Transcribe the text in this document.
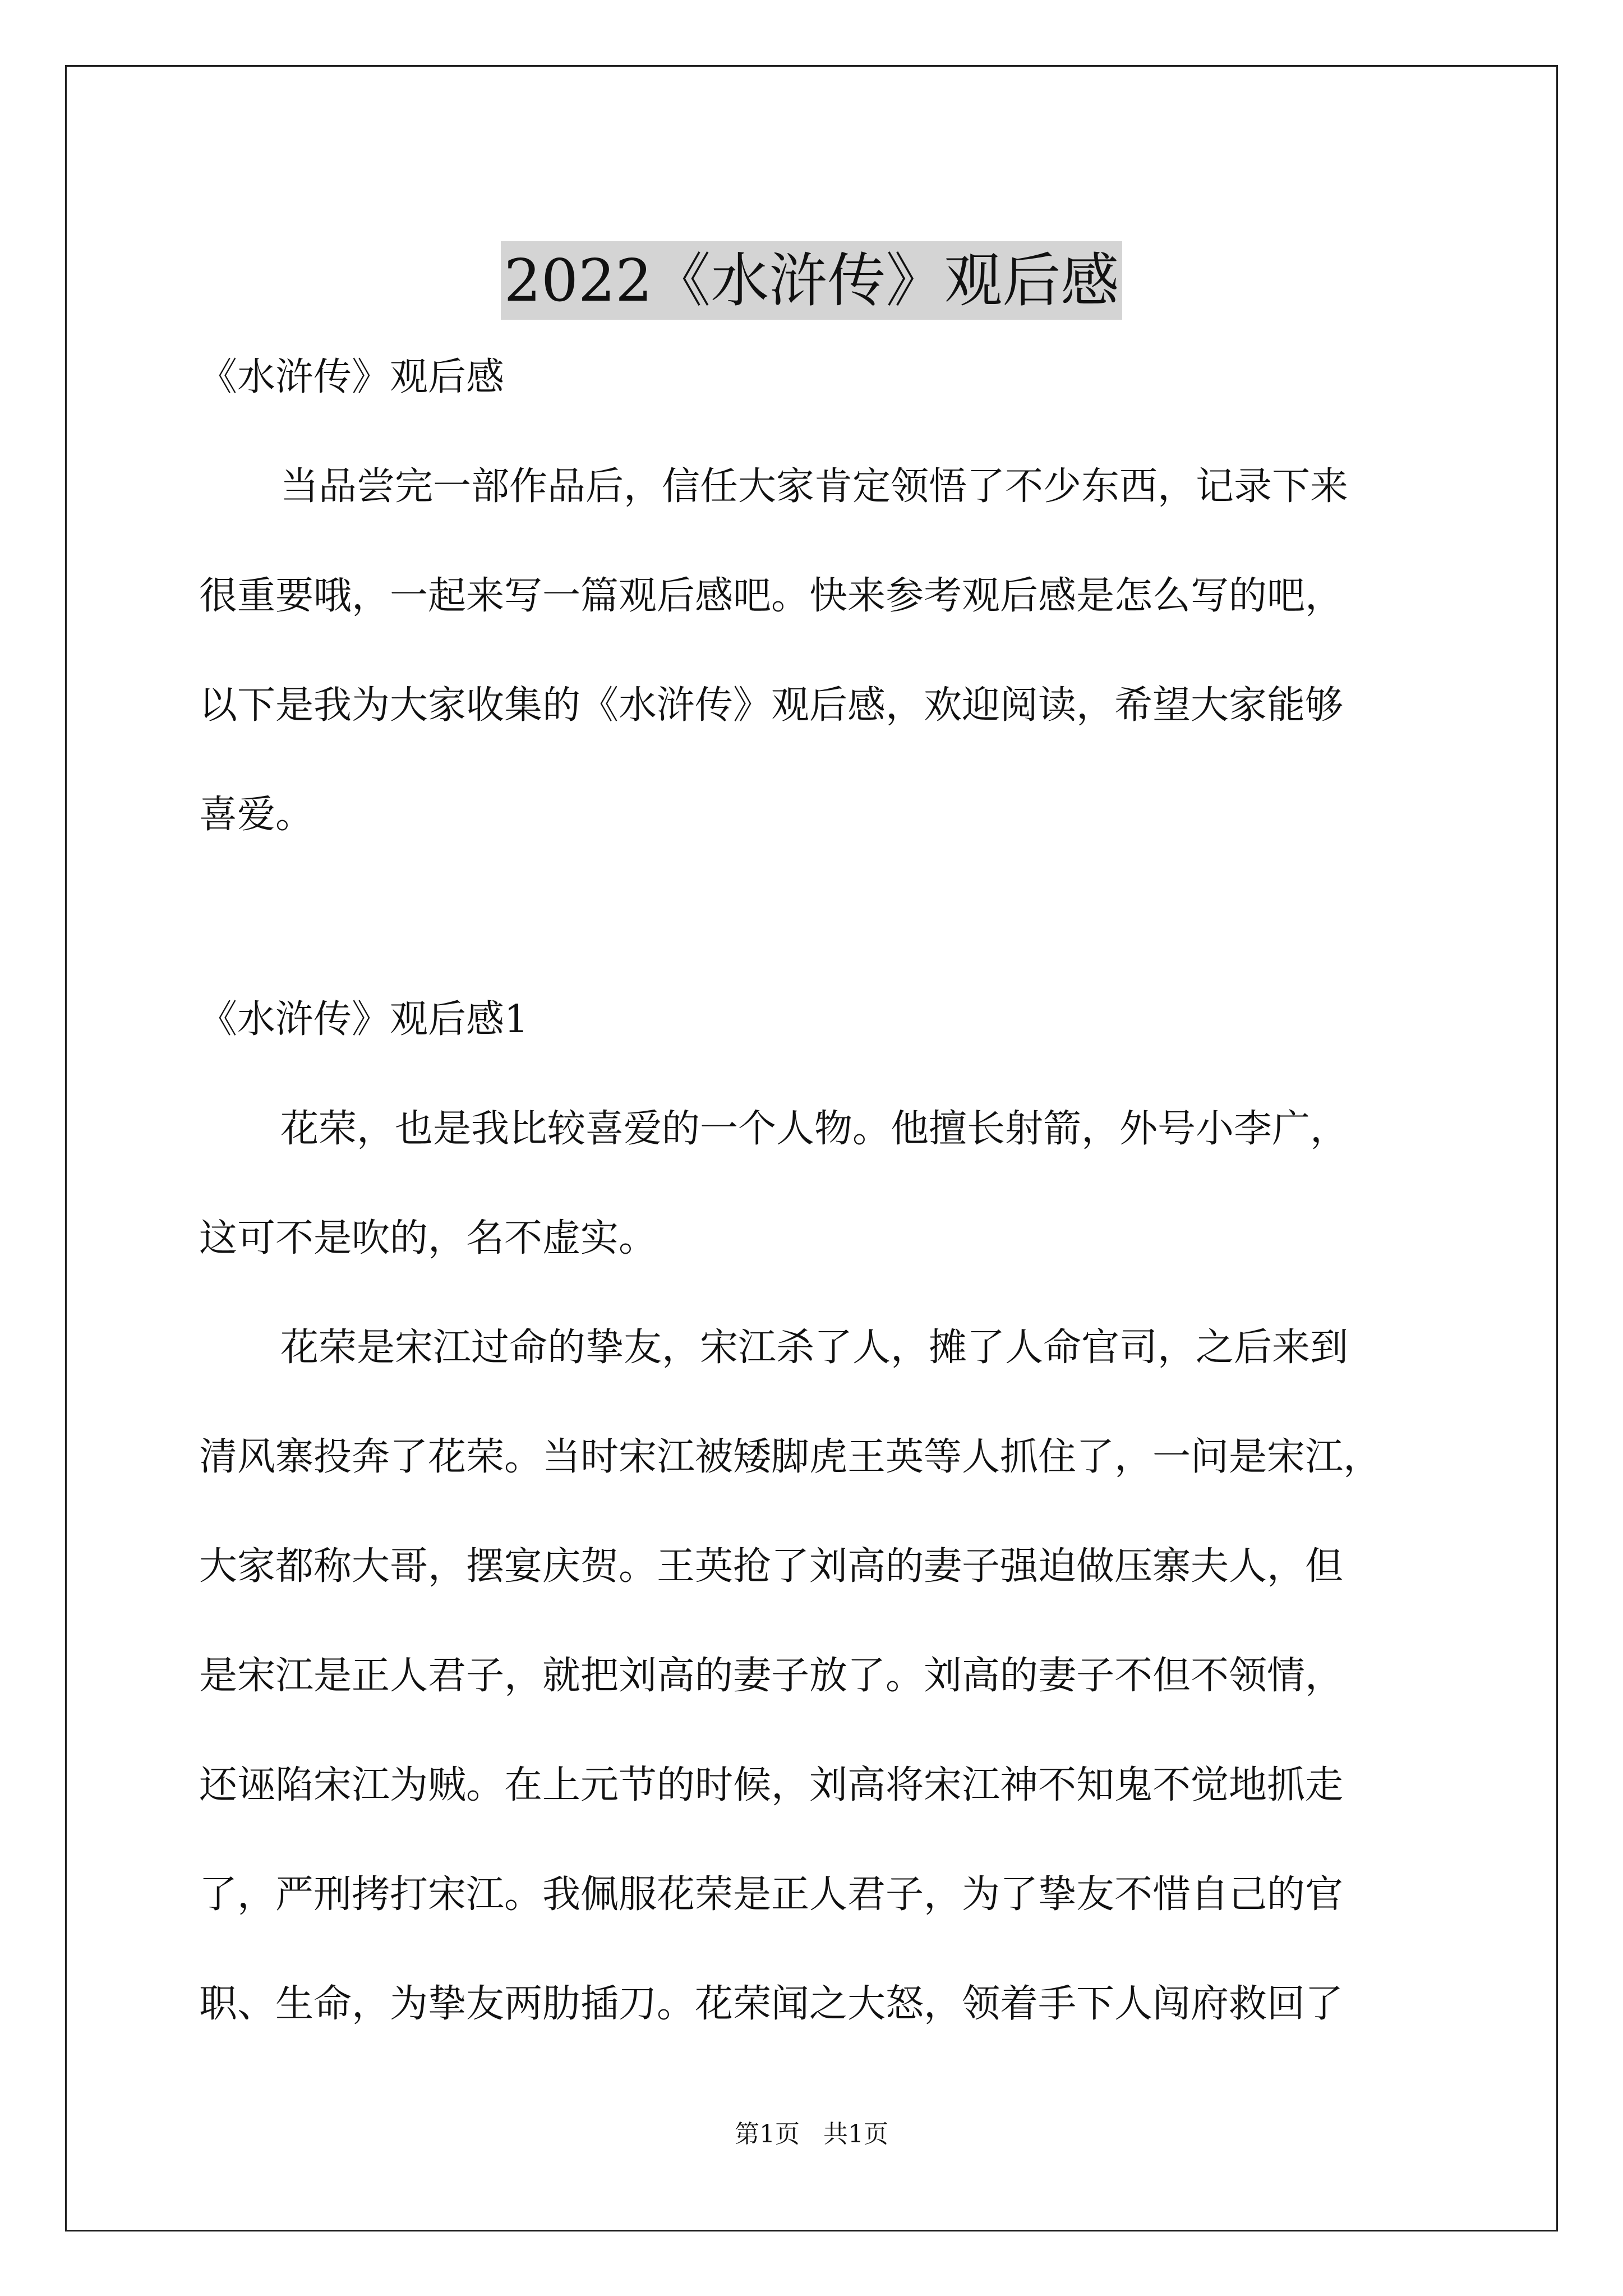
2022《水浒传》观后感
《水浒传》观后感
当品尝完一部作品后，信任大家肯定领悟了不少东西，记录下来
很重要哦，一起来写一篇观后感吧。快来参考观后感是怎么写的吧，
以下是我为大家收集的《水浒传》观后感，欢迎阅读，希望大家能够
喜爱。
《水浒传》观后感1
花荣，也是我比较喜爱的一个人物。他擅长射箭，外号小李广，
这可不是吹的，名不虚实。
花荣是宋江过命的挚友，宋江杀了人，摊了人命官司，之后来到
清风寨投奔了花荣。当时宋江被矮脚虎王英等人抓住了，一问是宋江，
大家都称大哥，摆宴庆贺。王英抢了刘高的妻子强迫做压寨夫人，但
是宋江是正人君子，就把刘高的妻子放了。刘高的妻子不但不领情，
还诬陷宋江为贼。在上元节的时候，刘高将宋江神不知鬼不觉地抓走
了，严刑拷打宋江。我佩服花荣是正人君子，为了挚友不惜自己的官
职、生命，为挚友两肋插刀。花荣闻之大怒，领着手下人闯府救回了
第1页   共1页
